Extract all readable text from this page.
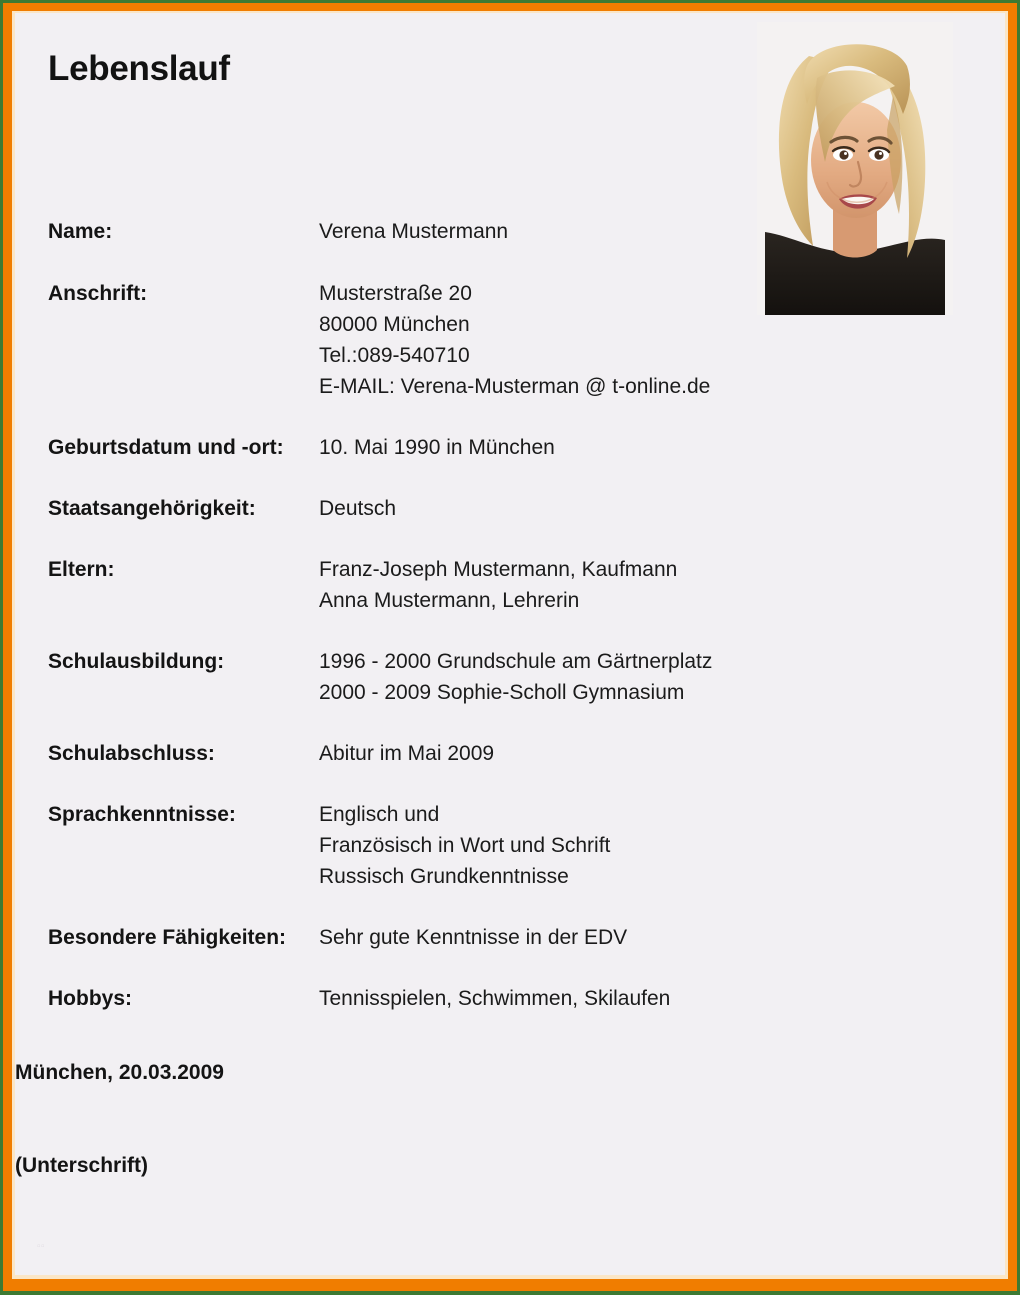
Lebenslauf
Name:	Verena Mustermann
Anschrift:	Musterstraße 20
80000 München
Tel.:089-540710
E-MAIL: Verena-Musterman @ t-online.de
Geburtsdatum und -ort:	10. Mai 1990 in München
Staatsangehörigkeit:	Deutsch
Eltern:	Franz-Joseph Mustermann, Kaufmann
Anna Mustermann, Lehrerin
Schulausbildung:	1996 - 2000 Grundschule am Gärtnerplatz
2000 - 2009 Sophie-Scholl Gymnasium
Schulabschluss:	Abitur im Mai 2009
Sprachkenntnisse:	Englisch und
Französisch in Wort und Schrift
Russisch Grundkenntnisse
Besondere Fähigkeiten:	Sehr gute Kenntnisse in der EDV
Hobbys:	Tennisspielen, Schwimmen, Skilaufen
München, 20.03.2009
(Unterschrift)
▫▫
